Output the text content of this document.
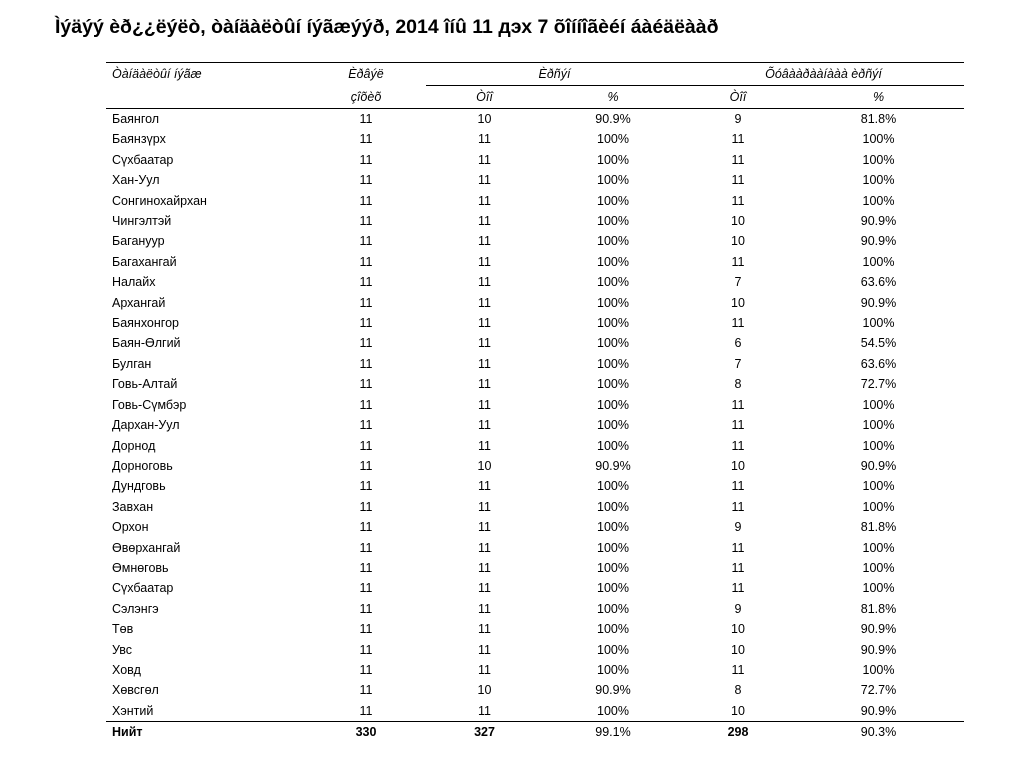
Ìýäýý èð¿¿ëýëò, òàíäàëòûí íýãæýýð, 2014 îíû 11 дэх 7 õîííîãèéí áàéäëààð
Òàíäàëòûí íýãæ	Èðâýë	Èðñýí		Õóâààðààíààà èðñýí	
	çîõèõ	Òîî	%	Òîî	%
Баянгол	11	10	90.9%	9	81.8%
Баянзүрх	11	11	100%	11	100%
Сүхбаатар	11	11	100%	11	100%
Хан-Уул	11	11	100%	11	100%
Сонгинохайрхан	11	11	100%	11	100%
Чингэлтэй	11	11	100%	10	90.9%
Багануур	11	11	100%	10	90.9%
Багахангай	11	11	100%	11	100%
Налайх	11	11	100%	7	63.6%
Архангай	11	11	100%	10	90.9%
Баянхонгор	11	11	100%	11	100%
Баян-Өлгий	11	11	100%	6	54.5%
Булган	11	11	100%	7	63.6%
Говь-Алтай	11	11	100%	8	72.7%
Говь-Сүмбэр	11	11	100%	11	100%
Дархан-Уул	11	11	100%	11	100%
Дорнод	11	11	100%	11	100%
Дорноговь	11	10	90.9%	10	90.9%
Дундговь	11	11	100%	11	100%
Завхан	11	11	100%	11	100%
Орхон	11	11	100%	9	81.8%
Өвөрхангай	11	11	100%	11	100%
Өмнөговь	11	11	100%	11	100%
Сүхбаатар	11	11	100%	11	100%
Сэлэнгэ	11	11	100%	9	81.8%
Төв	11	11	100%	10	90.9%
Увс	11	11	100%	10	90.9%
Ховд	11	11	100%	11	100%
Хөвсгөл	11	10	90.9%	8	72.7%
Хэнтий	11	11	100%	10	90.9%
Нийт	330	327	99.1%	298	90.3%
